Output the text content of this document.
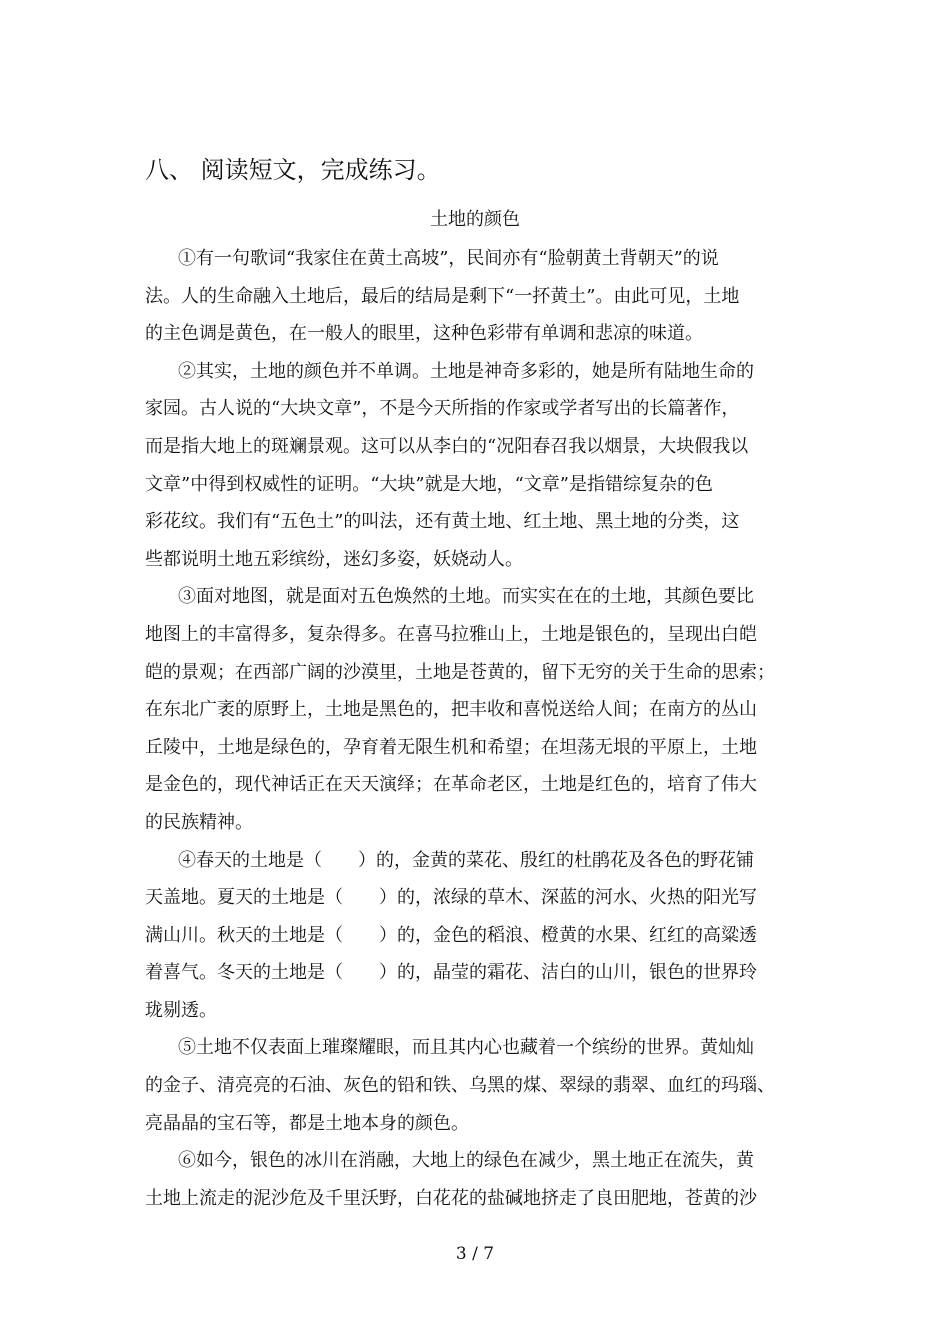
八、 阅读短文，完成练习。
土地的颜色
①有一句歌词“我家住在黄土高坡”，民间亦有“脸朝黄土背朝天”的说
法。人的生命融入土地后，最后的结局是剩下“一抔黄土”。由此可见，土地
的主色调是黄色，在一般人的眼里，这种色彩带有单调和悲凉的味道。
②其实，土地的颜色并不单调。土地是神奇多彩的，她是所有陆地生命的
家园。古人说的“大块文章”，不是今天所指的作家或学者写出的长篇著作，
而是指大地上的斑斓景观。这可以从李白的“况阳春召我以烟景，大块假我以
文章”中得到权威性的证明。“大块”就是大地，“文章”是指错综复杂的色
彩花纹。我们有“五色土”的叫法，还有黄土地、红土地、黑土地的分类，这
些都说明土地五彩缤纷，迷幻多姿，妖娆动人。
③面对地图，就是面对五色焕然的土地。而实实在在的土地，其颜色要比
地图上的丰富得多，复杂得多。在喜马拉雅山上，土地是银色的，呈现出白皑
皑的景观；在西部广阔的沙漠里，土地是苍黄的，留下无穷的关于生命的思索；
在东北广袤的原野上，土地是黑色的，把丰收和喜悦送给人间；在南方的丛山
丘陵中，土地是绿色的，孕育着无限生机和希望；在坦荡无垠的平原上，土地
是金色的，现代神话正在天天演绎；在革命老区，土地是红色的，培育了伟大
的民族精神。
④春天的土地是（　　）的，金黄的菜花、殷红的杜鹃花及各色的野花铺
天盖地。夏天的土地是（　　）的，浓绿的草木、深蓝的河水、火热的阳光写
满山川。秋天的土地是（　　）的，金色的稻浪、橙黄的水果、红红的高粱透
着喜气。冬天的土地是（　　）的，晶莹的霜花、洁白的山川，银色的世界玲
珑剔透。
⑤土地不仅表面上璀璨耀眼，而且其内心也藏着一个缤纷的世界。黄灿灿
的金子、清亮亮的石油、灰色的铅和铁、乌黑的煤、翠绿的翡翠、血红的玛瑙、
亮晶晶的宝石等，都是土地本身的颜色。
⑥如今，银色的冰川在消融，大地上的绿色在减少，黑土地正在流失，黄
土地上流走的泥沙危及千里沃野，白花花的盐碱地挤走了良田肥地，苍黄的沙
3 / 7
